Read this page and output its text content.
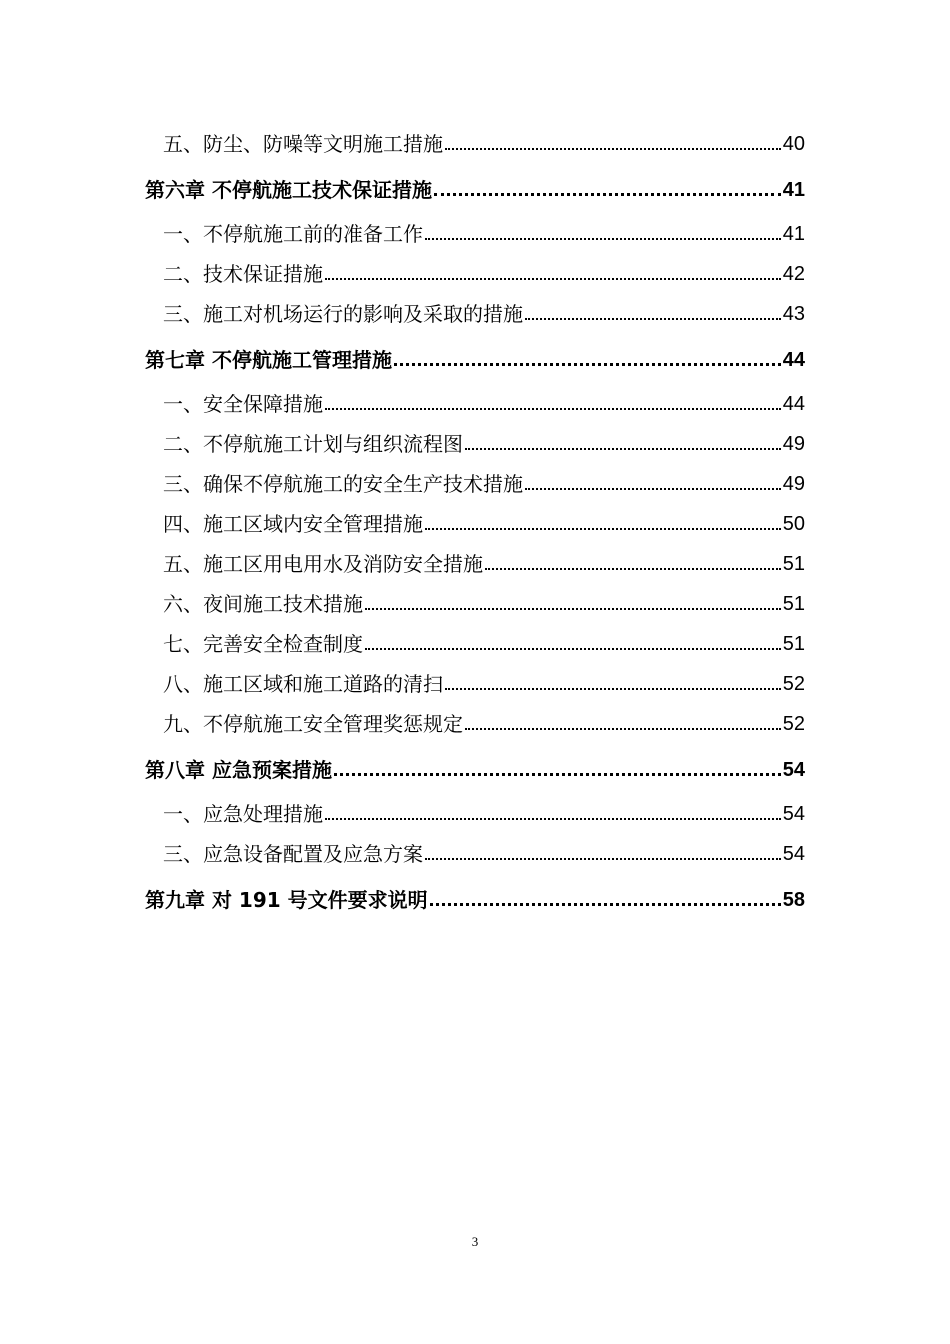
五、防尘、防噪等文明施工措施	40
第六章 不停航施工技术保证措施	41
一、不停航施工前的准备工作	41
二、技术保证措施	42
三、施工对机场运行的影响及采取的措施	43
第七章 不停航施工管理措施	44
一、安全保障措施	44
二、不停航施工计划与组织流程图	49
三、确保不停航施工的安全生产技术措施	49
四、施工区域内安全管理措施	50
五、施工区用电用水及消防安全措施	51
六、夜间施工技术措施	51
七、完善安全检查制度	51
八、施工区域和施工道路的清扫	52
九、不停航施工安全管理奖惩规定	52
第八章 应急预案措施	54
一、应急处理措施	54
三、应急设备配置及应急方案	54
第九章 对 191 号文件要求说明	58
3
